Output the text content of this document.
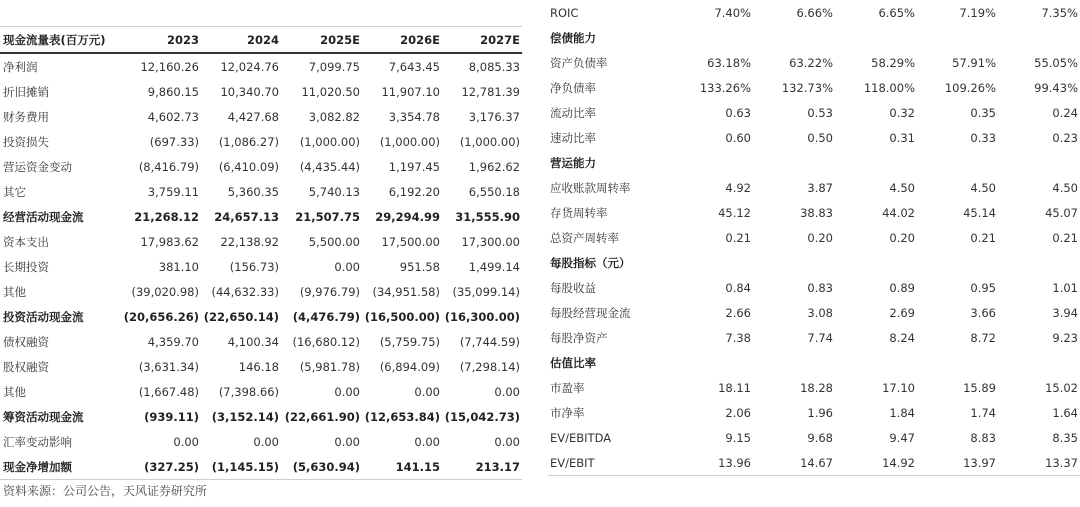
现金流量表(百万元)	2023	2024	2025E	2026E	2027E
净利润	12,160.26	12,024.76	7,099.75	7,643.45	8,085.33
折旧摊销	9,860.15	10,340.70	11,020.50	11,907.10	12,781.39
财务费用	4,602.73	4,427.68	3,082.82	3,354.78	3,176.37
投资损失	(697.33)	(1,086.27)	(1,000.00)	(1,000.00)	(1,000.00)
营运资金变动	(8,416.79)	(6,410.09)	(4,435.44)	1,197.45	1,962.62
其它	3,759.11	5,360.35	5,740.13	6,192.20	6,550.18
经营活动现金流	21,268.12	24,657.13	21,507.75	29,294.99	31,555.90
资本支出	17,983.62	22,138.92	5,500.00	17,500.00	17,300.00
长期投资	381.10	(156.73)	0.00	951.58	1,499.14
其他	(39,020.98)	(44,632.33)	(9,976.79)	(34,951.58)	(35,099.14)
投资活动现金流	(20,656.26)	(22,650.14)	(4,476.79)	(16,500.00)	(16,300.00)
债权融资	4,359.70	4,100.34	(16,680.12)	(5,759.75)	(7,744.59)
股权融资	(3,631.34)	146.18	(5,981.78)	(6,894.09)	(7,298.14)
其他	(1,667.48)	(7,398.66)	0.00	0.00	0.00
筹资活动现金流	(939.11)	(3,152.14)	(22,661.90)	(12,653.84)	(15,042.73)
汇率变动影响	0.00	0.00	0.00	0.00	0.00
现金净增加额	(327.25)	(1,145.15)	(5,630.94)	141.15	213.17
ROIC	7.40%	6.66%	6.65%	7.19%	7.35%
偿债能力					
资产负债率	63.18%	63.22%	58.29%	57.91%	55.05%
净负债率	133.26%	132.73%	118.00%	109.26%	99.43%
流动比率	0.63	0.53	0.32	0.35	0.24
速动比率	0.60	0.50	0.31	0.33	0.23
营运能力					
应收账款周转率	4.92	3.87	4.50	4.50	4.50
存货周转率	45.12	38.83	44.02	45.14	45.07
总资产周转率	0.21	0.20	0.20	0.21	0.21
每股指标（元）					
每股收益	0.84	0.83	0.89	0.95	1.01
每股经营现金流	2.66	3.08	2.69	3.66	3.94
每股净资产	7.38	7.74	8.24	8.72	9.23
估值比率					
市盈率	18.11	18.28	17.10	15.89	15.02
市净率	2.06	1.96	1.84	1.74	1.64
EV/EBITDA	9.15	9.68	9.47	8.83	8.35
EV/EBIT	13.96	14.67	14.92	13.97	13.37
资料来源：公司公告，天风证券研究所
